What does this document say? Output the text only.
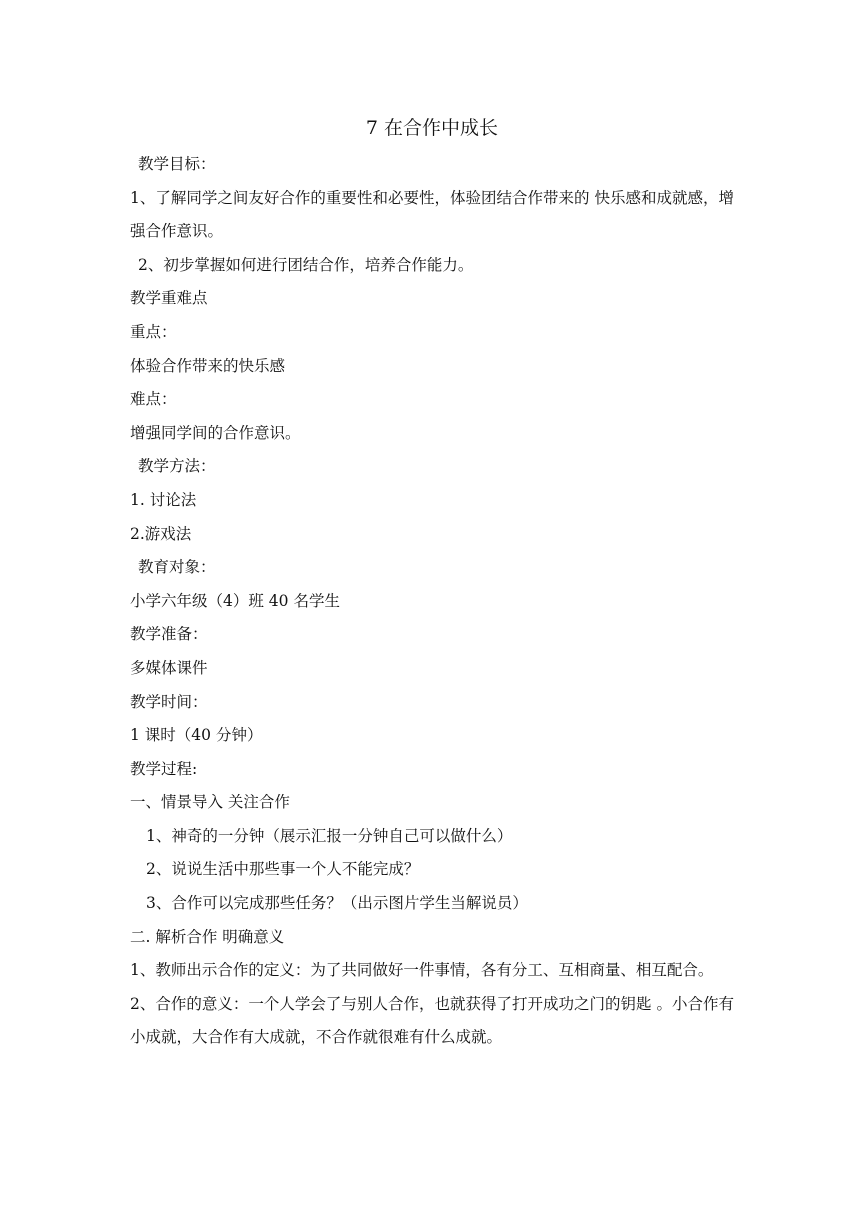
7 在合作中成长

教学目标：

1、了解同学之间友好合作的重要性和必要性，体验团结合作带来的 快乐感和成就感，增强合作意识。

2、初步掌握如何进行团结合作，培养合作能力。

教学重难点

重点：

体验合作带来的快乐感

难点：

增强同学间的合作意识。

教学方法：

1. 讨论法

2.游戏法

教育对象：

小学六年级（4）班 40 名学生

教学准备：

多媒体课件

教学时间：

1 课时（40 分钟）

教学过程:

一、情景导入 关注合作

1、神奇的一分钟（展示汇报一分钟自己可以做什么）

2、说说生活中那些事一个人不能完成？

3、合作可以完成那些任务？（出示图片学生当解说员）

二. 解析合作 明确意义

1、教师出示合作的定义：为了共同做好一件事情，各有分工、互相商量、相互配合。

2、合作的意义：一个人学会了与别人合作，也就获得了打开成功之门的钥匙 。小合作有小成就，大合作有大成就，不合作就很难有什么成就。
